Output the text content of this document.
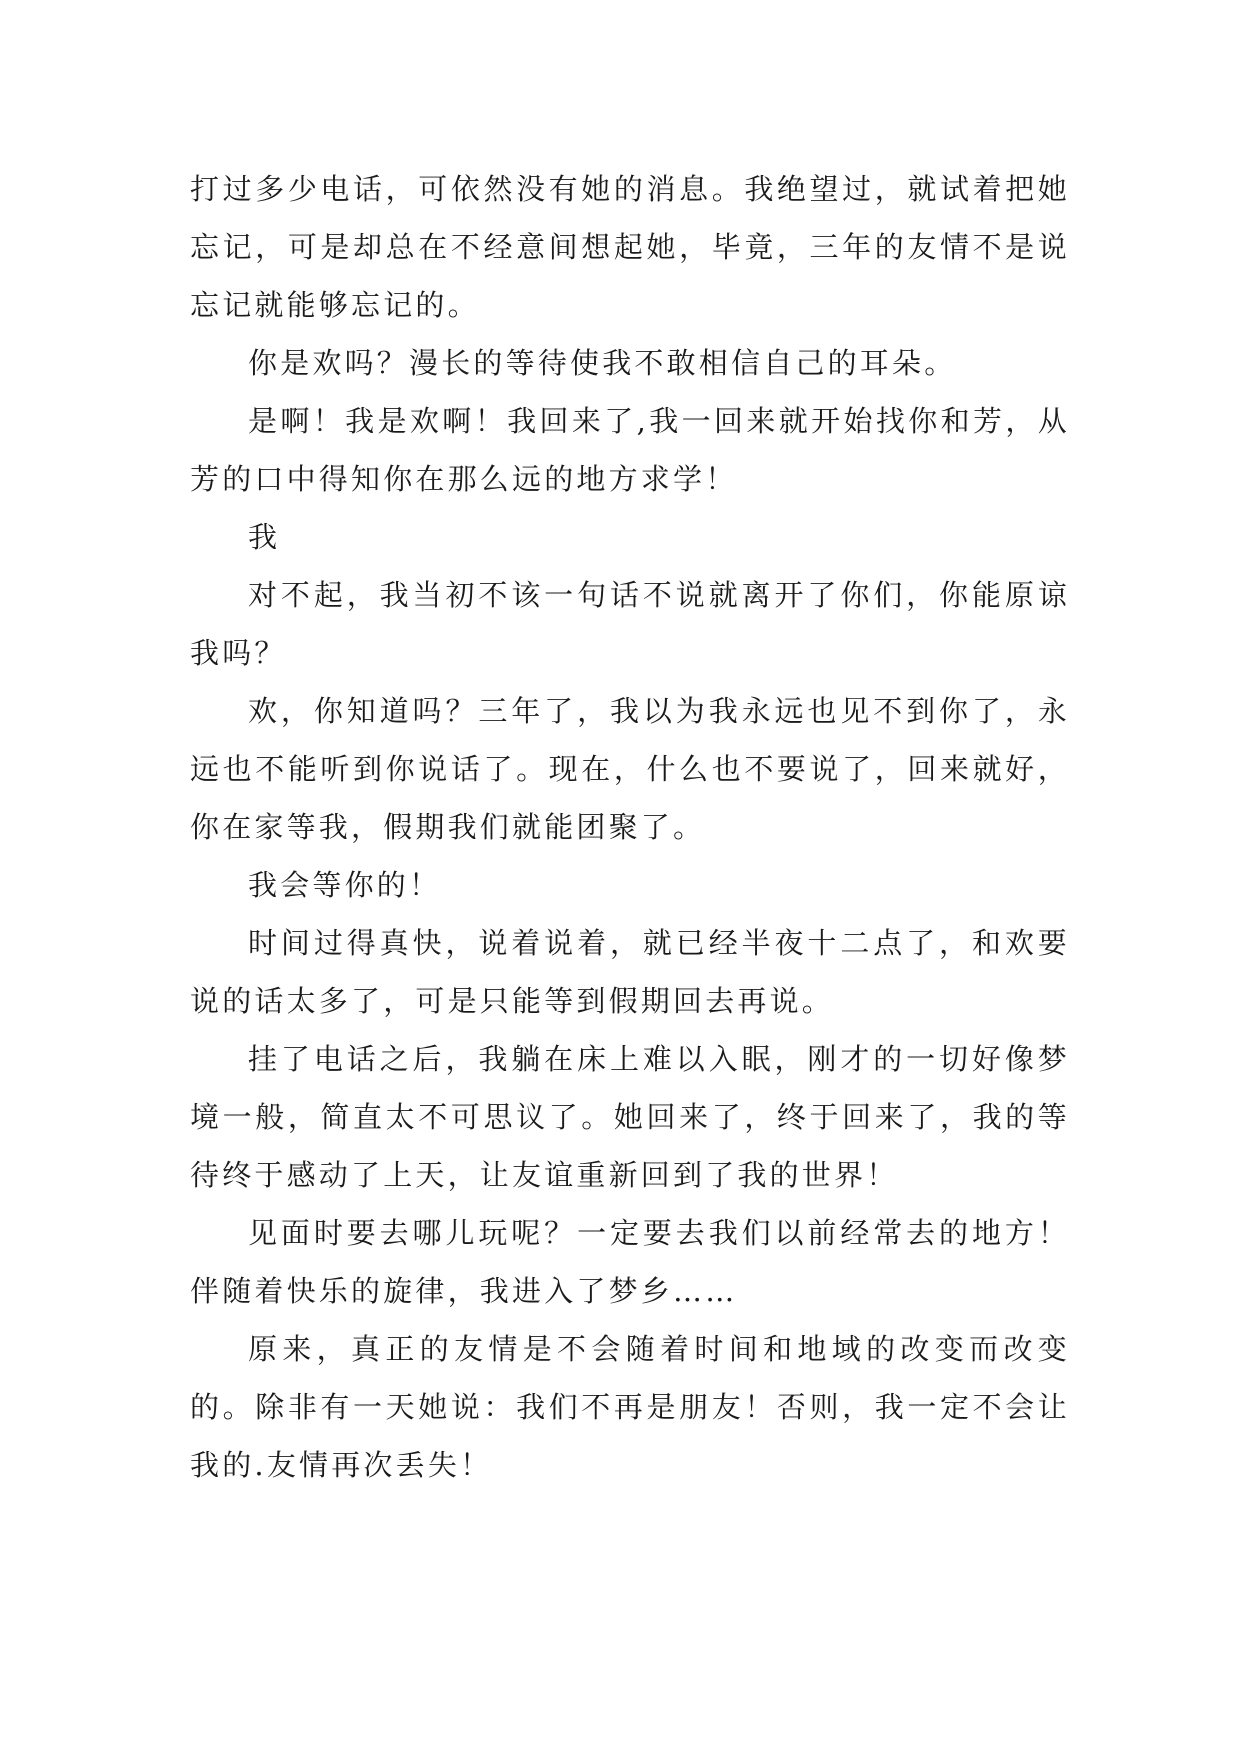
打过多少电话，可依然没有她的消息。我绝望过，就试着把她忘记，可是却总在不经意间想起她，毕竟，三年的友情不是说忘记就能够忘记的。

你是欢吗？漫长的等待使我不敢相信自己的耳朵。

是啊！我是欢啊！我回来了,我一回来就开始找你和芳，从芳的口中得知你在那么远的地方求学！

我

对不起，我当初不该一句话不说就离开了你们，你能原谅我吗？

欢，你知道吗？三年了，我以为我永远也见不到你了，永远也不能听到你说话了。现在，什么也不要说了，回来就好，你在家等我，假期我们就能团聚了。

我会等你的！

时间过得真快，说着说着，就已经半夜十二点了，和欢要说的话太多了，可是只能等到假期回去再说。

挂了电话之后，我躺在床上难以入眠，刚才的一切好像梦境一般，简直太不可思议了。她回来了，终于回来了，我的等待终于感动了上天，让友谊重新回到了我的世界！

见面时要去哪儿玩呢？一定要去我们以前经常去的地方！伴随着快乐的旋律，我进入了梦乡……

原来，真正的友情是不会随着时间和地域的改变而改变的。除非有一天她说：我们不再是朋友！否则，我一定不会让我的.友情再次丢失！
